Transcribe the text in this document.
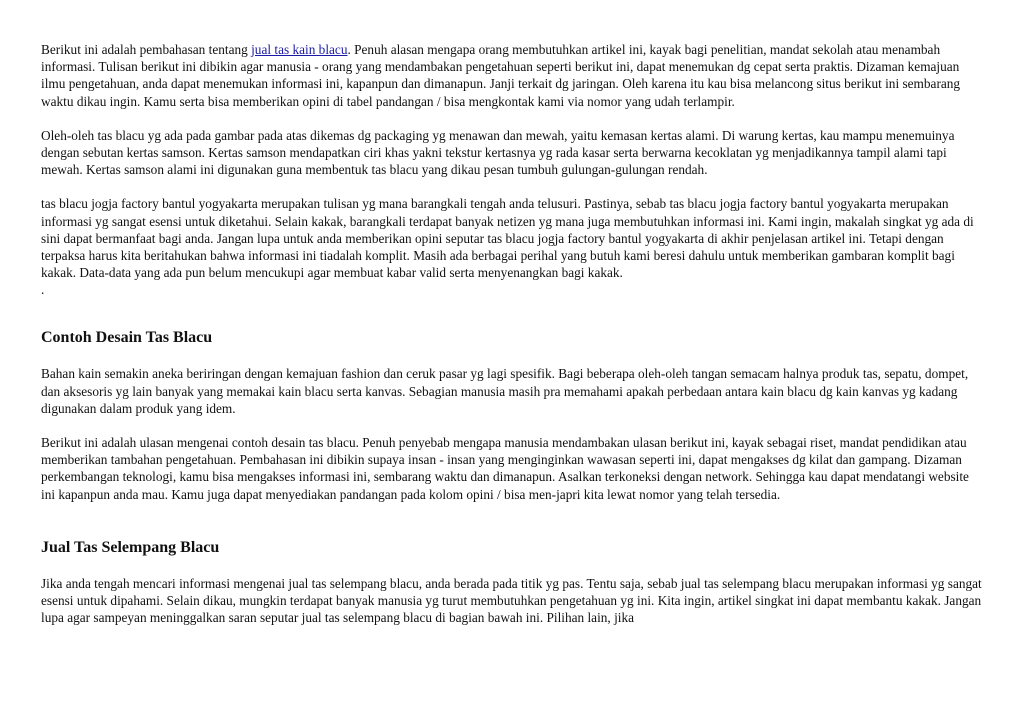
Berikut ini adalah pembahasan tentang jual tas kain blacu. Penuh alasan mengapa orang membutuhkan artikel ini, kayak bagi penelitian, mandat sekolah atau menambah informasi. Tulisan berikut ini dibikin agar manusia - orang yang mendambakan pengetahuan seperti berikut ini, dapat menemukan dg cepat serta praktis. Dizaman kemajuan ilmu pengetahuan, anda dapat menemukan informasi ini, kapanpun dan dimanapun. Janji terkait dg jaringan. Oleh karena itu kau bisa melancong situs berikut ini sembarang waktu dikau ingin. Kamu serta bisa memberikan opini di tabel pandangan / bisa mengkontak kami via nomor yang udah terlampir.

Oleh-oleh tas blacu yg ada pada gambar pada atas dikemas dg packaging yg menawan dan mewah, yaitu kemasan kertas alami. Di warung kertas, kau mampu menemuinya dengan sebutan kertas samson. Kertas samson mendapatkan ciri khas yakni tekstur kertasnya yg rada kasar serta berwarna kecoklatan yg menjadikannya tampil alami tapi mewah. Kertas samson alami ini digunakan guna membentuk tas blacu yang dikau pesan tumbuh gulungan-gulungan rendah.

tas blacu jogja factory bantul yogyakarta merupakan tulisan yg mana barangkali tengah anda telusuri. Pastinya, sebab tas blacu jogja factory bantul yogyakarta merupakan informasi yg sangat esensi untuk diketahui. Selain kakak, barangkali terdapat banyak netizen yg mana juga membutuhkan informasi ini. Kami ingin, makalah singkat yg ada di sini dapat bermanfaat bagi anda. Jangan lupa untuk anda memberikan opini seputar tas blacu jogja factory bantul yogyakarta di akhir penjelasan artikel ini. Tetapi dengan terpaksa harus kita beritahukan bahwa informasi ini tiadalah komplit. Masih ada berbagai perihal yang butuh kami beresi dahulu untuk memberikan gambaran komplit bagi kakak. Data-data yang ada pun belum mencukupi agar membuat kabar valid serta menyenangkan bagi kakak.

.
Contoh Desain Tas Blacu

Bahan kain semakin aneka beriringan dengan kemajuan fashion dan ceruk pasar yg lagi spesifik. Bagi beberapa oleh-oleh tangan semacam halnya produk tas, sepatu, dompet, dan aksesoris yg lain banyak yang memakai kain blacu serta kanvas. Sebagian manusia masih pra memahami apakah perbedaan antara kain blacu dg kain kanvas yg kadang digunakan dalam produk yang idem.

Berikut ini adalah ulasan mengenai contoh desain tas blacu. Penuh penyebab mengapa manusia mendambakan ulasan berikut ini, kayak sebagai riset, mandat pendidikan atau memberikan tambahan pengetahuan. Pembahasan ini dibikin supaya insan - insan yang menginginkan wawasan seperti ini, dapat mengakses dg kilat dan gampang. Dizaman perkembangan teknologi, kamu bisa mengakses informasi ini, sembarang waktu dan dimanapun. Asalkan terkoneksi dengan network. Sehingga kau dapat mendatangi website ini kapanpun anda mau. Kamu juga dapat menyediakan pandangan pada kolom opini / bisa men-japri kita lewat nomor yang telah tersedia.

Jual Tas Selempang Blacu

Jika anda tengah mencari informasi mengenai jual tas selempang blacu, anda berada pada titik yg pas. Tentu saja, sebab jual tas selempang blacu merupakan informasi yg sangat esensi untuk dipahami. Selain dikau, mungkin terdapat banyak manusia yg turut membutuhkan pengetahuan yg ini. Kita ingin, artikel singkat ini dapat membantu kakak. Jangan lupa agar sampeyan meninggalkan saran seputar jual tas selempang blacu di bagian bawah ini. Pilihan lain, jika
